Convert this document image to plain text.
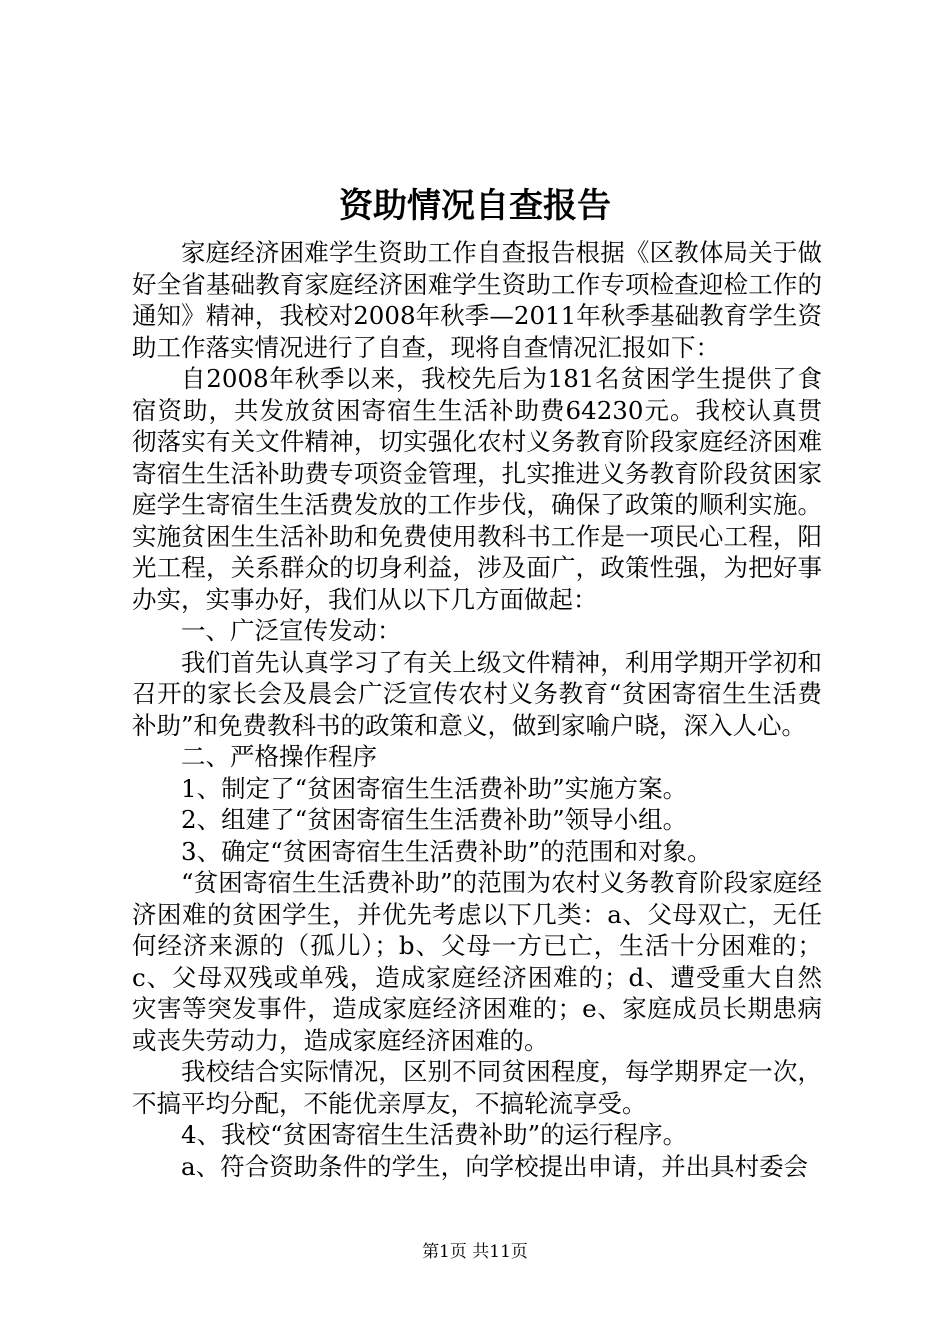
资助情况自查报告

家庭经济困难学生资助工作自查报告根据《区教体局关于做好全省基础教育家庭经济困难学生资助工作专项检查迎检工作的通知》精神，我校对2008年秋季—2011年秋季基础教育学生资助工作落实情况进行了自查，现将自查情况汇报如下：

自2008年秋季以来，我校先后为181名贫困学生提供了食宿资助，共发放贫困寄宿生生活补助费64230元。我校认真贯彻落实有关文件精神，切实强化农村义务教育阶段家庭经济困难寄宿生生活补助费专项资金管理，扎实推进义务教育阶段贫困家庭学生寄宿生生活费发放的工作步伐，确保了政策的顺利实施。实施贫困生生活补助和免费使用教科书工作是一项民心工程，阳光工程，关系群众的切身利益，涉及面广，政策性强，为把好事办实，实事办好，我们从以下几方面做起：

一、广泛宣传发动：

我们首先认真学习了有关上级文件精神，利用学期开学初和召开的家长会及晨会广泛宣传农村义务教育“贫困寄宿生生活费补助”和免费教科书的政策和意义，做到家喻户晓，深入人心。

二、严格操作程序

1、制定了“贫困寄宿生生活费补助”实施方案。

2、组建了“贫困寄宿生生活费补助”领导小组。

3、确定“贫困寄宿生生活费补助”的范围和对象。

“贫困寄宿生生活费补助”的范围为农村义务教育阶段家庭经济困难的贫困学生，并优先考虑以下几类：a、父母双亡，无任何经济来源的（孤儿）；b、父母一方已亡，生活十分困难的；c、父母双残或单残，造成家庭经济困难的；d、遭受重大自然灾害等突发事件，造成家庭经济困难的；e、家庭成员长期患病或丧失劳动力，造成家庭经济困难的。

我校结合实际情况，区别不同贫困程度，每学期界定一次，不搞平均分配，不能优亲厚友，不搞轮流享受。

4、我校“贫困寄宿生生活费补助”的运行程序。

a、符合资助条件的学生，向学校提出申请，并出具村委会

第1页 共11页
